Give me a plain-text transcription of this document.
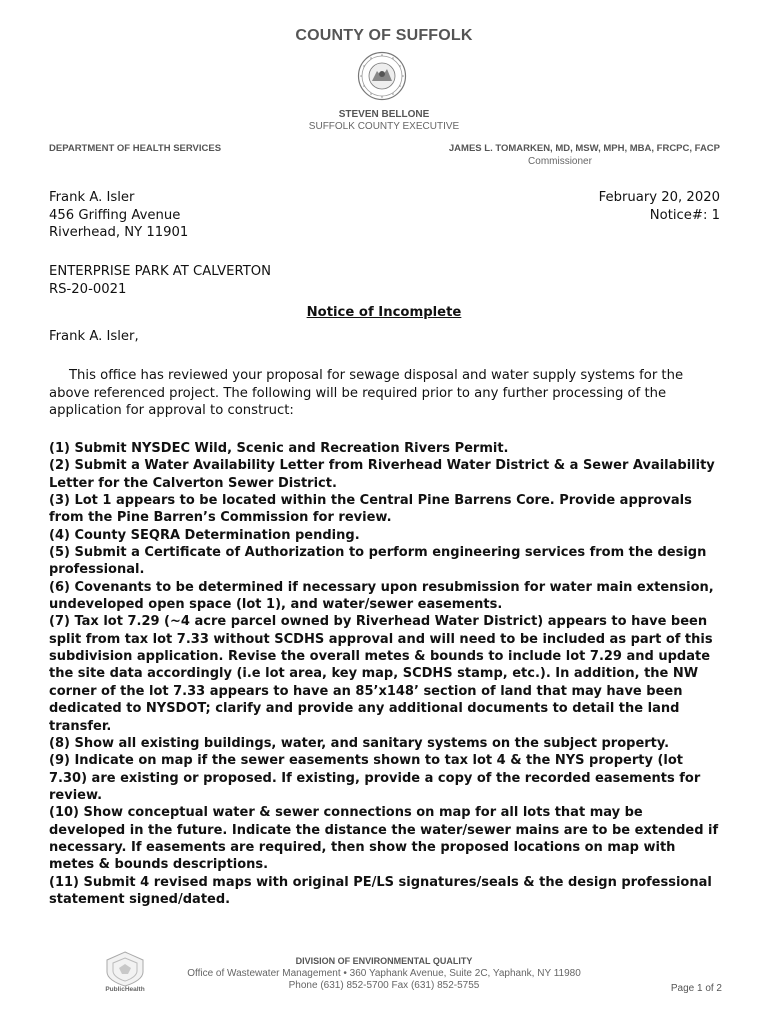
COUNTY OF SUFFOLK
STEVEN BELLONE
SUFFOLK COUNTY EXECUTIVE
DEPARTMENT OF HEALTH SERVICES	JAMES L. TOMARKEN, MD, MSW, MPH, MBA, FRCPC, FACP
Commissioner
Frank A. Isler
456 Griffing Avenue
Riverhead, NY 11901
February 20, 2020
Notice#: 1
ENTERPRISE PARK AT CALVERTON
RS-20-0021
Notice of Incomplete
Frank A. Isler,
This office has reviewed your proposal for sewage disposal and water supply systems for the above referenced project. The following will be required prior to any further processing of the application for approval to construct:
(1) Submit NYSDEC Wild, Scenic and Recreation Rivers Permit.
(2) Submit a Water Availability Letter from Riverhead Water District & a Sewer Availability Letter for the Calverton Sewer District.
(3) Lot 1 appears to be located within the Central Pine Barrens Core. Provide approvals from the Pine Barren’s Commission for review.
(4) County SEQRA Determination pending.
(5) Submit a Certificate of Authorization to perform engineering services from the design professional.
(6) Covenants to be determined if necessary upon resubmission for water main extension, undeveloped open space (lot 1), and water/sewer easements.
(7) Tax lot 7.29 (~4 acre parcel owned by Riverhead Water District) appears to have been split from tax lot 7.33 without SCDHS approval and will need to be included as part of this subdivision application. Revise the overall metes & bounds to include lot 7.29 and update the site data accordingly (i.e lot area, key map, SCDHS stamp, etc.). In addition, the NW corner of the lot 7.33 appears to have an 85’x148’ section of land that may have been dedicated to NYSDOT; clarify and provide any additional documents to detail the land transfer.
(8) Show all existing buildings, water, and sanitary systems on the subject property.
(9) Indicate on map if the sewer easements shown to tax lot 4 & the NYS property (lot 7.30) are existing or proposed. If existing, provide a copy of the recorded easements for review.
(10) Show conceptual water & sewer connections on map for all lots that may be developed in the future. Indicate the distance the water/sewer mains are to be extended if necessary. If easements are required, then show the proposed locations on map with metes & bounds descriptions.
(11) Submit 4 revised maps with original PE/LS signatures/seals & the design professional statement signed/dated.
PublicHealth
DIVISION OF ENVIRONMENTAL QUALITY
Office of Wastewater Management • 360 Yaphank Avenue, Suite 2C, Yaphank, NY 11980
Phone (631) 852-5700 Fax (631) 852-5755	Page 1 of 2
